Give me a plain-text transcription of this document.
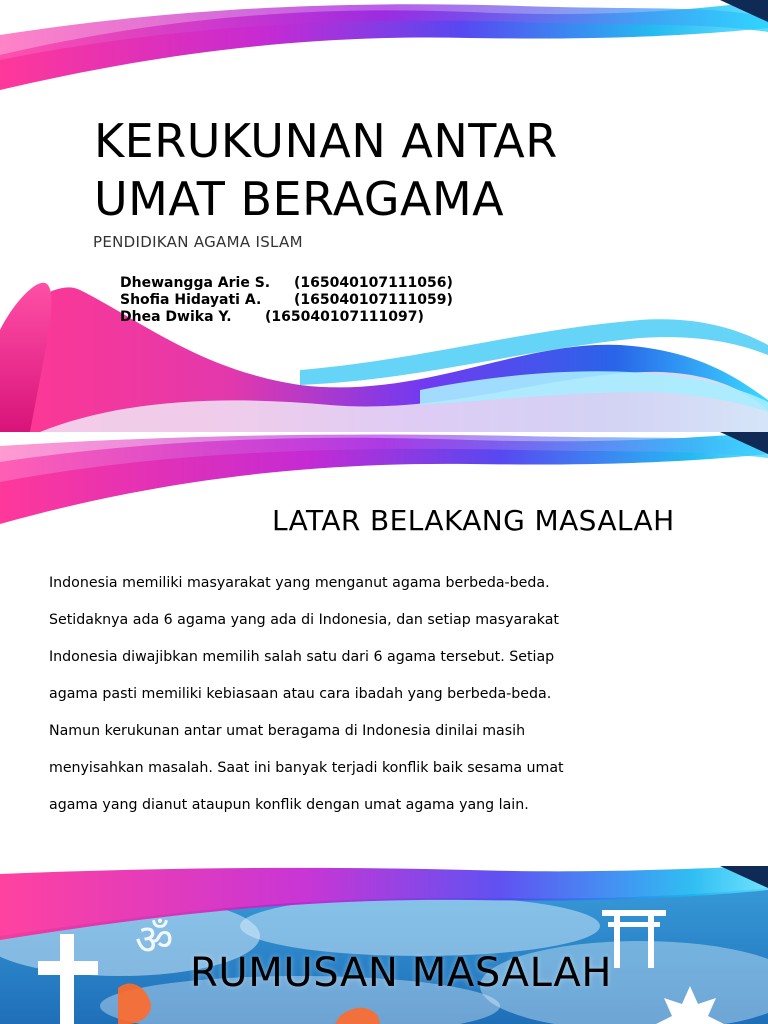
KERUKUNAN ANTAR
UMAT BERAGAMA
PENDIDIKAN AGAMA ISLAM
Dhewangga Arie S. (165040107111056)
Shofia Hidayati A. (165040107111059)
Dhea Dwika Y. (165040107111097)
LATAR BELAKANG MASALAH

Indonesia memiliki masyarakat yang menganut agama berbeda-beda.

Setidaknya ada 6 agama yang ada di Indonesia, dan setiap masyarakat

Indonesia diwajibkan memilih salah satu dari 6 agama tersebut. Setiap

agama pasti memiliki kebiasaan atau cara ibadah yang berbeda-beda.

Namun kerukunan antar umat beragama di Indonesia dinilai masih

menyisahkan masalah. Saat ini banyak terjadi konflik baik sesama umat

agama yang dianut ataupun konflik dengan umat agama yang lain.

ॐ
RUMUSAN MASALAH
